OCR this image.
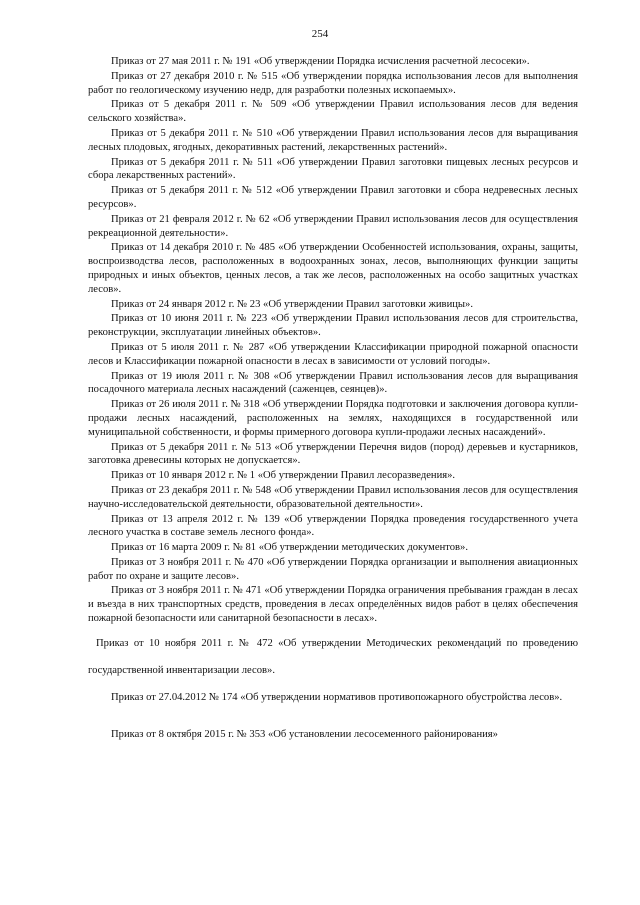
254

Приказ от 27 мая 2011 г. № 191 «Об утверждении Порядка исчисления расчетной лесосеки».

Приказ от 27 декабря 2010 г. № 515 «Об утверждении порядка использования лесов для выполнения работ по геологическому изучению недр, для разработки полезных ископаемых».

Приказ от 5 декабря 2011 г. № 509 «Об утверждении Правил использования лесов для ведения сельского хозяйства».

Приказ от 5 декабря 2011 г. № 510 «Об утверждении Правил использования лесов для выращивания лесных плодовых, ягодных, декоративных растений, лекарственных растений».

Приказ от 5 декабря 2011 г. № 511 «Об утверждении Правил заготовки пищевых лесных ресурсов и сбора лекарственных растений».

Приказ от 5 декабря 2011 г. № 512 «Об утверждении Правил заготовки и сбора недревесных лесных ресурсов».

Приказ от 21 февраля 2012 г. № 62 «Об утверждении Правил использования лесов для осуществления рекреационной деятельности».

Приказ от 14 декабря 2010 г. № 485 «Об утверждении Особенностей использования, охраны, защиты, воспроизводства лесов, расположенных в водоохранных зонах, лесов, выполняющих функции защиты природных и иных объектов, ценных лесов, а так же лесов, расположенных на особо защитных участках лесов».

Приказ от 24 января 2012 г. № 23 «Об утверждении Правил заготовки живицы».

Приказ от 10 июня 2011 г. № 223 «Об утверждении Правил использования лесов для строительства, реконструкции, эксплуатации линейных объектов».

Приказ от 5 июля 2011 г. № 287 «Об утверждении Классификации природной пожарной опасности лесов и Классификации пожарной опасности в лесах в зависимости от условий погоды».

Приказ от 19 июля 2011 г. № 308 «Об утверждении Правил использования лесов для выращивания посадочного материала лесных насаждений (саженцев, сеянцев)».

Приказ от 26 июля 2011 г. № 318 «Об утверждении Порядка подготовки и заключения договора купли-продажи лесных насаждений, расположенных на землях, находящихся в государственной или муниципальной собственности, и формы примерного договора купли-продажи лесных насаждений».

Приказ от 5 декабря 2011 г. № 513 «Об утверждении Перечня видов (пород) деревьев и кустарников, заготовка древесины которых не допускается».

Приказ от 10 января 2012 г. № 1 «Об утверждении Правил лесоразведения».

Приказ от 23 декабря 2011 г. № 548 «Об утверждении Правил использования лесов для осуществления научно-исследовательской деятельности, образовательной деятельности».

Приказ от 13 апреля 2012 г. № 139 «Об утверждении Порядка проведения государственного учета лесного участка в составе земель лесного фонда».

Приказ от 16 марта 2009 г. № 81 «Об утверждении методических документов».

Приказ от 3 ноября 2011 г. № 470 «Об утверждении Порядка организации и выполнения авиационных работ по охране и защите лесов».

Приказ от 3 ноября 2011 г. № 471 «Об утверждении Порядка ограничения пребывания граждан в лесах и въезда в них транспортных средств, проведения в лесах определённых видов работ в целях обеспечения пожарной безопасности или санитарной безопасности в лесах».

Приказ от 10 ноября 2011 г. № 472 «Об утверждении Методических рекомендаций по проведению государственной инвентаризации лесов».

Приказ от 27.04.2012 № 174 «Об утверждении нормативов противопожарного обустройства лесов».

Приказ от 8 октября 2015 г. № 353 «Об установлении лесосеменного районирования»
